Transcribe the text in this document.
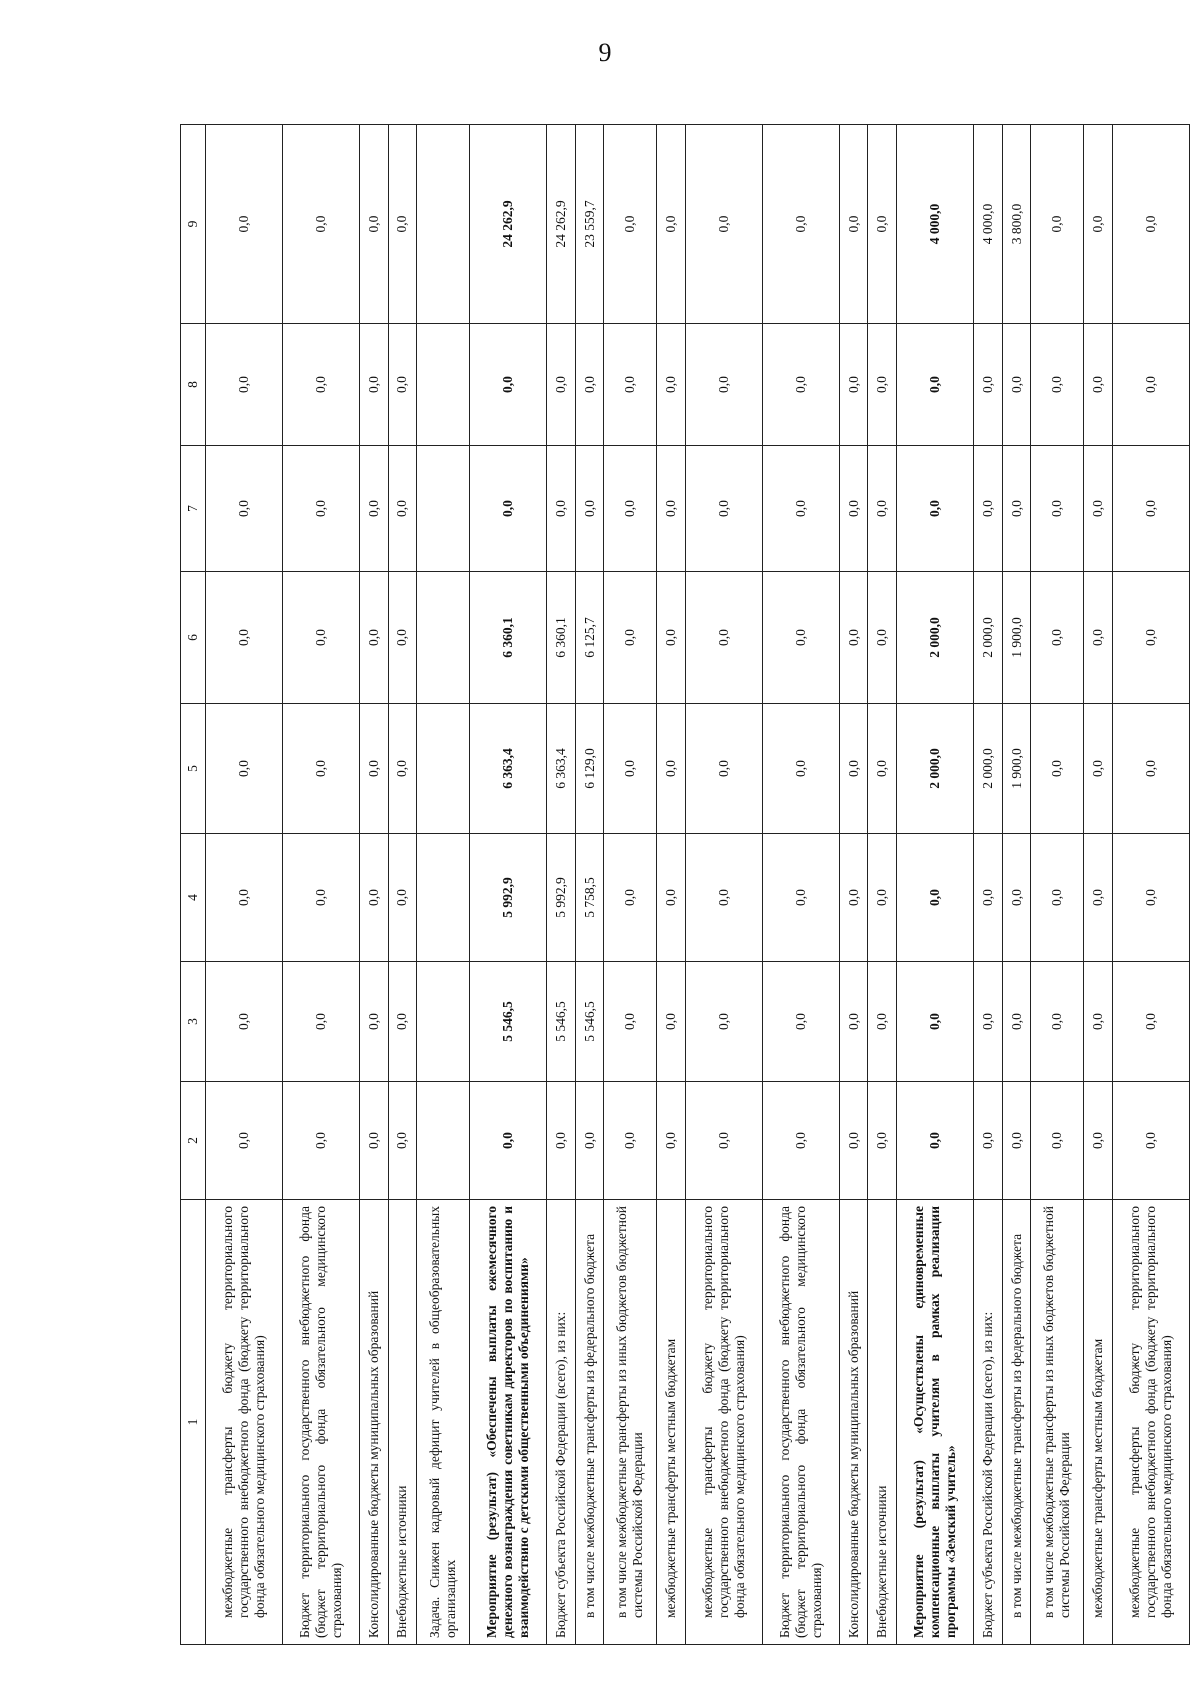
9
1	2	3	4	5	6	7	8	9
межбюджетные трансферты бюджету территориального государственного внебюджетного фонда (бюджету территориального фонда обязательного медицинского страхования)	0,0	0,0	0,0	0,0	0,0	0,0	0,0	0,0
Бюджет территориального государственного внебюджетного фонда (бюджет территориального фонда обязательного медицинского страхования)	0,0	0,0	0,0	0,0	0,0	0,0	0,0	0,0
Консолидированные бюджеты муниципальных образований	0,0	0,0	0,0	0,0	0,0	0,0	0,0	0,0
Внебюджетные источники	0,0	0,0	0,0	0,0	0,0	0,0	0,0	0,0
Задача. Снижен кадровый дефицит учителей в общеобразовательных организациях								
Мероприятие (результат) «Обеспечены выплаты ежемесячного денежного вознаграждения советникам директоров по воспитанию и взаимодействию с детскими общественными объединениями»	0,0	5 546,5	5 992,9	6 363,4	6 360,1	0,0	0,0	24 262,9
Бюджет субъекта Российской Федерации (всего), из них:	0,0	5 546,5	5 992,9	6 363,4	6 360,1	0,0	0,0	24 262,9
в том числе межбюджетные трансферты из федерального бюджета	0,0	5 546,5	5 758,5	6 129,0	6 125,7	0,0	0,0	23 559,7
в том числе межбюджетные трансферты из иных бюджетов бюджетной системы Российской Федерации	0,0	0,0	0,0	0,0	0,0	0,0	0,0	0,0
межбюджетные трансферты местным бюджетам	0,0	0,0	0,0	0,0	0,0	0,0	0,0	0,0
межбюджетные трансферты бюджету территориального государственного внебюджетного фонда (бюджету территориального фонда обязательного медицинского страхования)	0,0	0,0	0,0	0,0	0,0	0,0	0,0	0,0
Бюджет территориального государственного внебюджетного фонда (бюджет территориального фонда обязательного медицинского страхования)	0,0	0,0	0,0	0,0	0,0	0,0	0,0	0,0
Консолидированные бюджеты муниципальных образований	0,0	0,0	0,0	0,0	0,0	0,0	0,0	0,0
Внебюджетные источники	0,0	0,0	0,0	0,0	0,0	0,0	0,0	0,0
Мероприятие (результат) «Осуществлены единовременные компенсационные выплаты учителям в рамках реализации программы «Земский учитель»	0,0	0,0	0,0	2 000,0	2 000,0	0,0	0,0	4 000,0
Бюджет субъекта Российской Федерации (всего), из них:	0,0	0,0	0,0	2 000,0	2 000,0	0,0	0,0	4 000,0
в том числе межбюджетные трансферты из федерального бюджета	0,0	0,0	0,0	1 900,0	1 900,0	0,0	0,0	3 800,0
в том числе межбюджетные трансферты из иных бюджетов бюджетной системы Российской Федерации	0,0	0,0	0,0	0,0	0,0	0,0	0,0	0,0
межбюджетные трансферты местным бюджетам	0,0	0,0	0,0	0,0	0,0	0,0	0,0	0,0
межбюджетные трансферты бюджету территориального государственного внебюджетного фонда (бюджету территориального фонда обязательного медицинского страхования)	0,0	0,0	0,0	0,0	0,0	0,0	0,0	0,0
